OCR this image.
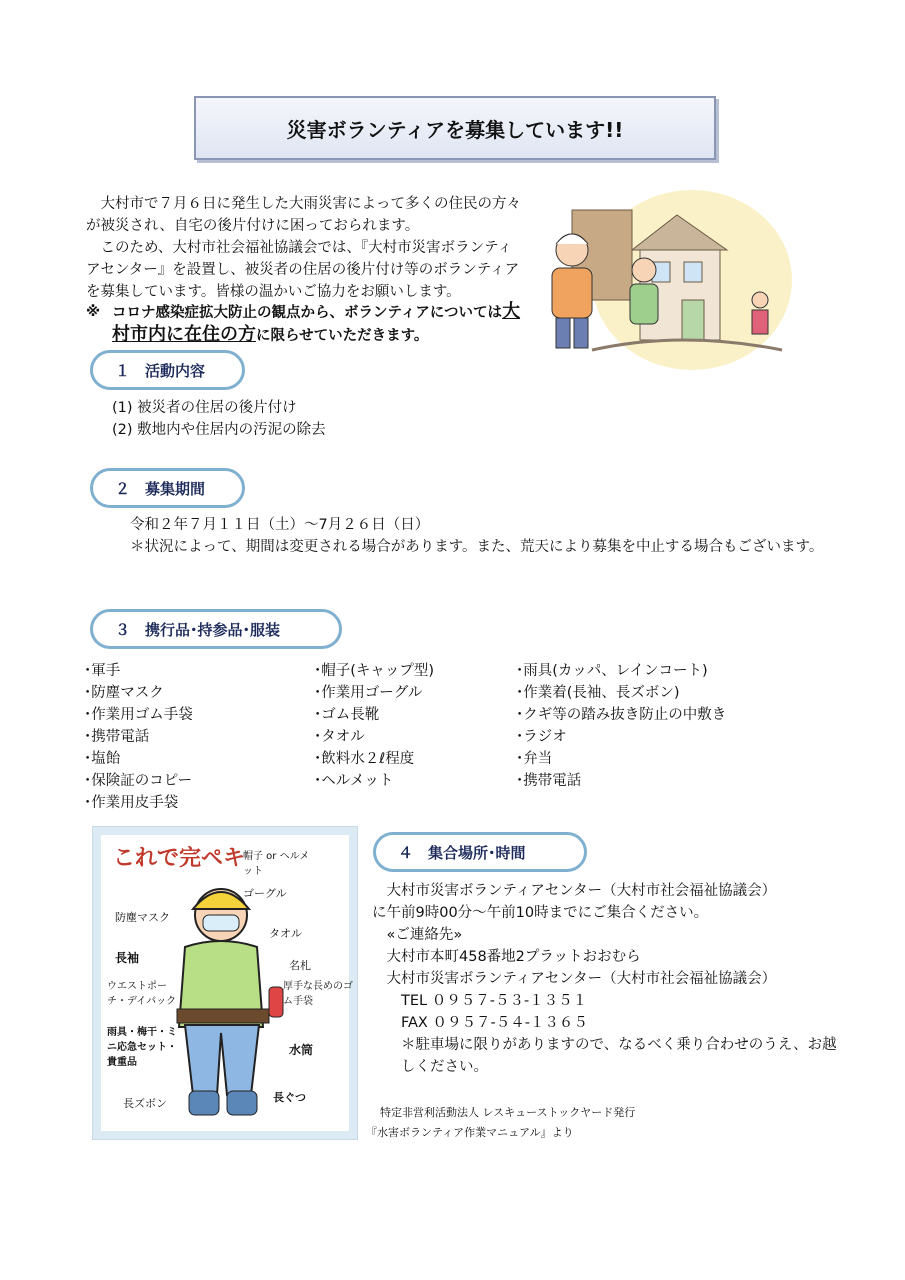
災害ボランティアを募集しています!!

　大村市で７月６日に発生した大雨災害によって多くの住民の方々が被災され、自宅の後片付けに困っておられます。

　このため、大村市社会福祉協議会では、『大村市災害ボランティアセンター』を設置し、被災者の住居の後片付け等のボランティアを募集しています。皆様の温かいご協力をお願いします。

※ コロナ感染症拡大防止の観点から、ボランティアについては大村市内に在住の方に限らせていただきます。
１　活動内容
(1) 被災者の住居の後片付け
(2) 敷地内や住居内の汚泥の除去
２　募集期間
令和２年７月１１日（土）～7月２６日（日）
＊状況によって、期間は変更される場合があります。また、荒天により募集を中止する場合もございます。
３　携行品･持参品･服装
･軍手
･防塵マスク
･作業用ゴム手袋
･携帯電話
･塩飴
･保険証のコピー
･作業用皮手袋
･帽子(キャップ型)
･作業用ゴーグル
･ゴム長靴
･タオル
･飲料水２ℓ程度
･ヘルメット
･雨具(カッパ、レインコート)
･作業着(長袖、長ズボン)
･クギ等の踏み抜き防止の中敷き
･ラジオ
･弁当
･携帯電話
これで完ペキ
帽子 or ヘルメット
ゴーグル
防塵マスク
タオル
長袖
名札
厚手な長めのゴム手袋
ウエストポーチ・デイパック
雨具・梅干・ミニ応急セット・貴重品
水筒
長ズボン	長ぐつ
４　集合場所･時間
　大村市災害ボランティアセンター（大村市社会福祉協議会）
に午前9時00分～午前10時までにご集合ください。
　«ご連絡先»
　大村市本町458番地2プラットおおむら
　大村市災害ボランティアセンター（大村市社会福祉協議会）
　　TEL ０９５７-５３-１３５１
　　FAX ０９５７-５４-１３６５
　　＊駐車場に限りがありますので、なるべく乗り合わせのうえ、お越
　　しください。
特定非営利活動法人 レスキューストックヤード発行
『水害ボランティア作業マニュアル』より
